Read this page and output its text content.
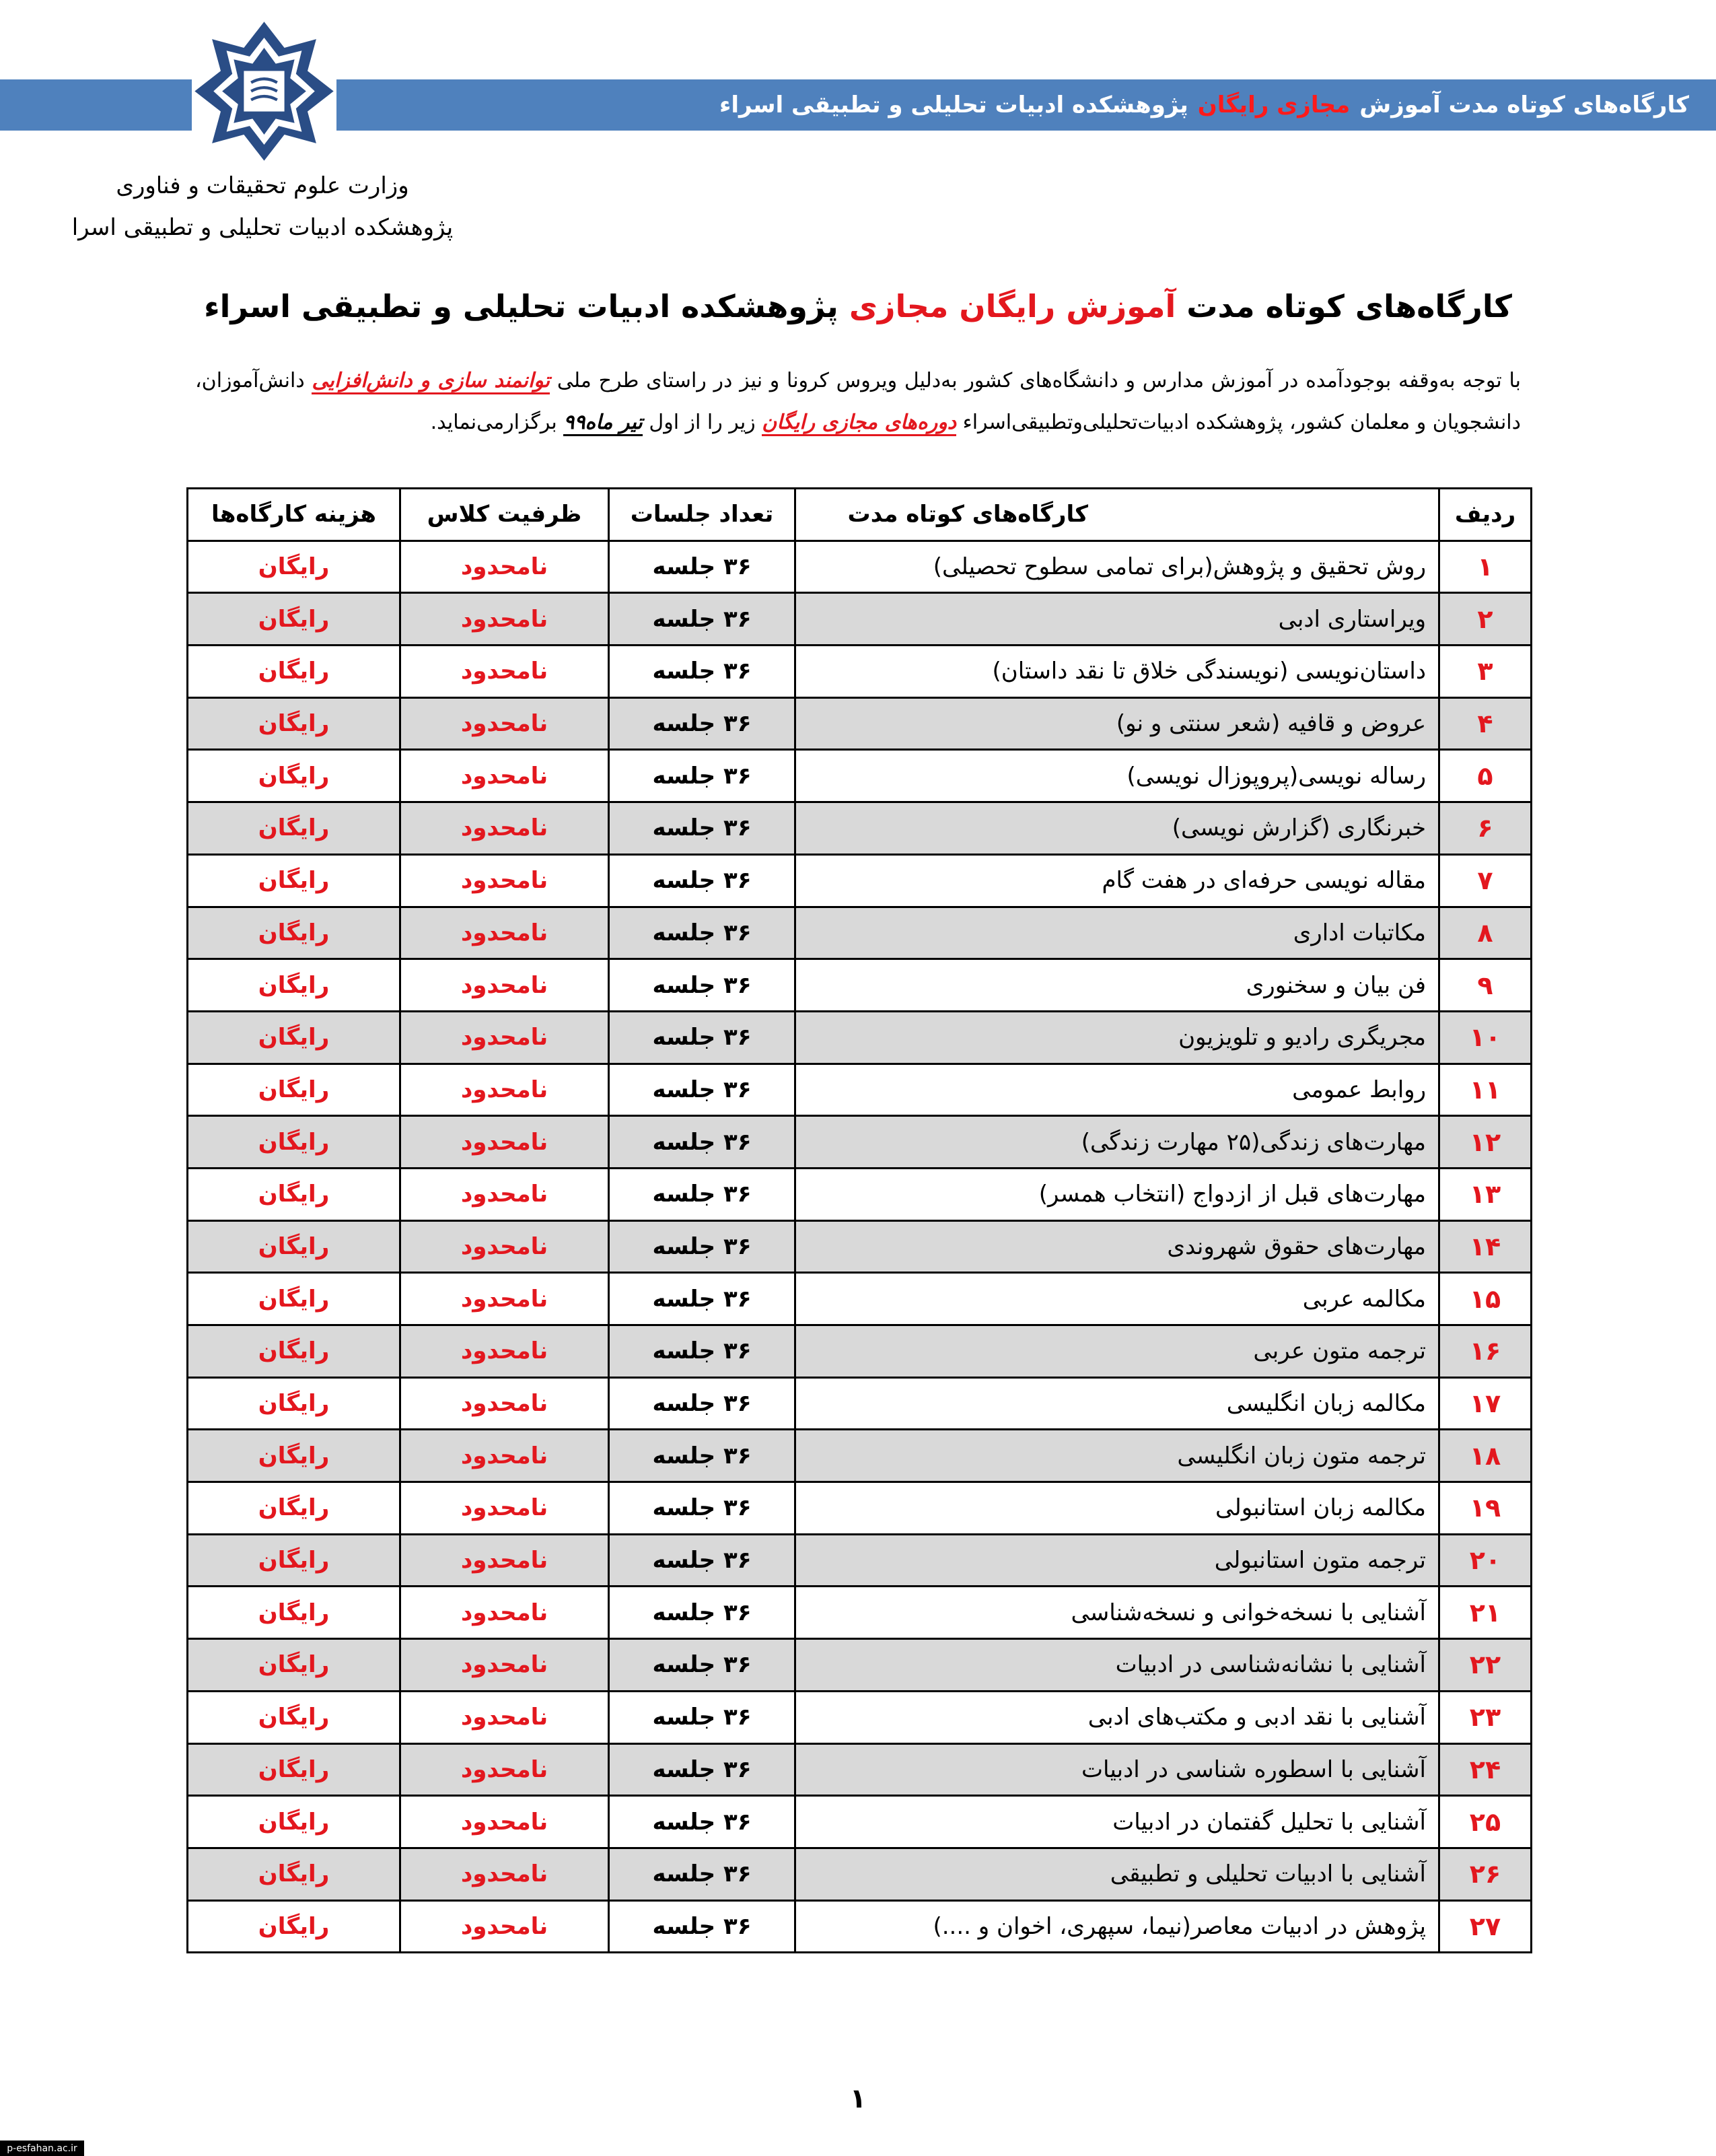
کارگاه‌های کوتاه مدت آموزش
مجازی رایگان
پژوهشکده ادبیات تحلیلی و تطبیقی اسراء
وزارت علوم تحقیقات و فناوری
پژوهشکده ادبیات تحلیلی و تطبیقی اسرا
کارگاه‌های کوتاه مدت آموزش رایگان مجازی پژوهشکده ادبیات تحلیلی و تطبیقی اسراء
با توجه به‌وقفه بوجودآمده در آموزش مدارس و دانشگاه‌های کشور به‌دلیل ویروس کرونا و نیز در راستای طرح ملی توانمند سازی و دانش‌افزایی دانش‌آموزان، دانشجویان و معلمان کشور، پژوهشکده ادبیات‌تحلیلی‌وتطبیقی‌اسراء دوره‌های مجازی رایگان زیر را از اول تیر ماه۹۹ برگزارمی‌نماید.
ردیف	کارگاه‌های کوتاه مدت	تعداد جلسات	ظرفیت کلاس	هزینه کارگاه‌ها
۱	روش تحقیق و پژوهش(برای تمامی سطوح تحصیلی)	۳۶ جلسه	نامحدود	رایگان
۲	ویراستاری ادبی	۳۶ جلسه	نامحدود	رایگان
۳	داستان‌نویسی (نویسندگی خلاق تا نقد داستان)	۳۶ جلسه	نامحدود	رایگان
۴	عروض و قافیه (شعر سنتی و نو)	۳۶ جلسه	نامحدود	رایگان
۵	رساله نویسی(پروپوزال نویسی)	۳۶ جلسه	نامحدود	رایگان
۶	خبرنگاری (گزارش نویسی)	۳۶ جلسه	نامحدود	رایگان
۷	مقاله نویسی حرفه‌ای در هفت گام	۳۶ جلسه	نامحدود	رایگان
۸	مکاتبات اداری	۳۶ جلسه	نامحدود	رایگان
۹	فن بیان و سخنوری	۳۶ جلسه	نامحدود	رایگان
۱۰	مجریگری رادیو و تلویزیون	۳۶ جلسه	نامحدود	رایگان
۱۱	روابط عمومی	۳۶ جلسه	نامحدود	رایگان
۱۲	مهارت‌های زندگی(۲۵ مهارت زندگی)	۳۶ جلسه	نامحدود	رایگان
۱۳	مهارت‌های قبل از ازدواج (انتخاب همسر)	۳۶ جلسه	نامحدود	رایگان
۱۴	مهارت‌های حقوق شهروندی	۳۶ جلسه	نامحدود	رایگان
۱۵	مکالمه عربی	۳۶ جلسه	نامحدود	رایگان
۱۶	ترجمه متون عربی	۳۶ جلسه	نامحدود	رایگان
۱۷	مکالمه زبان انگلیسی	۳۶ جلسه	نامحدود	رایگان
۱۸	ترجمه متون زبان انگلیسی	۳۶ جلسه	نامحدود	رایگان
۱۹	مکالمه زبان استانبولی	۳۶ جلسه	نامحدود	رایگان
۲۰	ترجمه متون استانبولی	۳۶ جلسه	نامحدود	رایگان
۲۱	آشنایی با نسخه‌خوانی و نسخه‌شناسی	۳۶ جلسه	نامحدود	رایگان
۲۲	آشنایی با نشانه‌شناسی در ادبیات	۳۶ جلسه	نامحدود	رایگان
۲۳	آشنایی با نقد ادبی و مکتب‌های ادبی	۳۶ جلسه	نامحدود	رایگان
۲۴	آشنایی با اسطوره شناسی در ادبیات	۳۶ جلسه	نامحدود	رایگان
۲۵	آشنایی با تحلیل گفتمان در ادبیات	۳۶ جلسه	نامحدود	رایگان
۲۶	آشنایی با ادبیات تحلیلی و تطبیقی	۳۶ جلسه	نامحدود	رایگان
۲۷	پژوهش در ادبیات معاصر(نیما، سپهری، اخوان و ....)	۳۶ جلسه	نامحدود	رایگان
۱
p-esfahan.ac.ir
